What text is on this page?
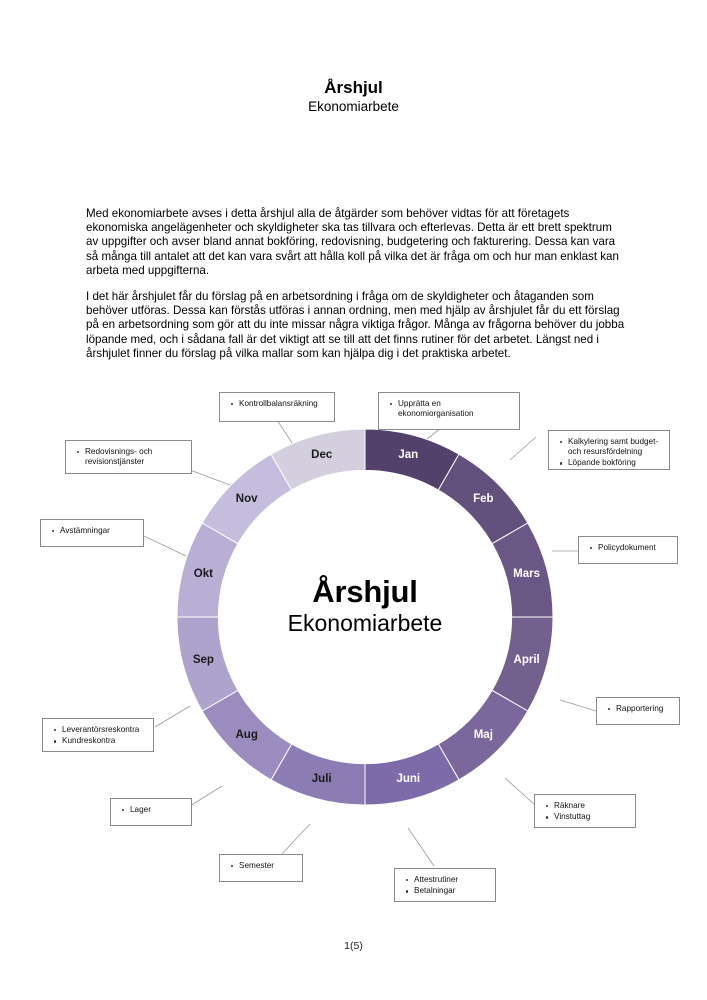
Årshjul
Ekonomiarbete
Med ekonomiarbete avses i detta årshjul alla de åtgärder som behöver vidtas för att företagets ekonomiska angelägenheter och skyldigheter ska tas tillvara och efterlevas. Detta är ett brett spektrum av uppgifter och avser bland annat bokföring, redovisning, budgetering och fakturering. Dessa kan vara så många till antalet att det kan vara svårt att hålla koll på vilka det är fråga om och hur man enklast kan arbeta med uppgifterna.
I det här årshjulet får du förslag på en arbetsordning i fråga om de skyldigheter och åtaganden som behöver utföras. Dessa kan förstås utföras i annan ordning, men med hjälp av årshjulet får du ett förslag på en arbetsordning som gör att du inte missar några viktiga frågor. Många av frågorna behöver du jobba löpande med, och i sådana fall är det viktigt att se till att det finns rutiner för det arbetet. Längst ned i årshjulet finner du förslag på vilka mallar som kan hjälpa dig i det praktiska arbetet.
Jan
Feb
Mars
April
Maj
Juni
Juli
Aug
Sep
Okt
Nov
Dec
Årshjul
Ekonomiarbete
Kontrollbalansräkning	Upprätta en ekonomiorganisation
Kalkylering samt budget- och resursfördelning
Löpande bokföring
Redovisnings- och revisionstjänster
Policydokument
Avstämningar
Rapportering
Leverantörsreskontra
Kundreskontra
Räknare
Vinstuttag
Lager
Semester
Attestrutiner
Betalningar
1(5)
